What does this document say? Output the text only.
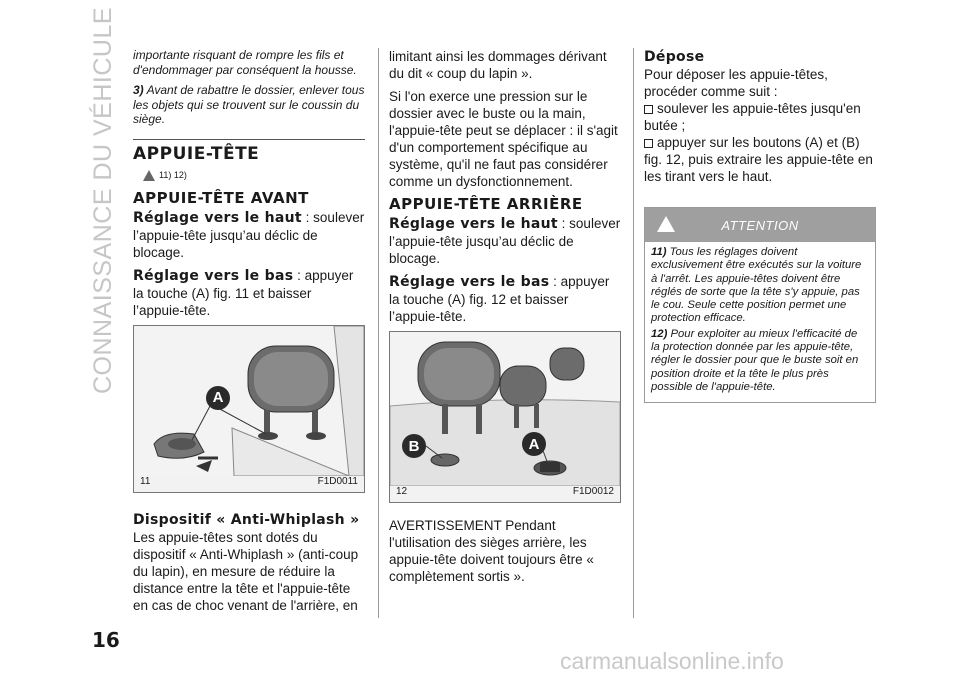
CONNAISSANCE DU VÉHICULE importante risquant de rompre les fils et d'endommager par conséquent la housse.

3) Avant de rabattre le dossier, enlever tous les objets qui se trouvent sur le coussin du siège.

APPUIE-TÊTE
11) 12)
APPUIE-TÊTE AVANT

Réglage vers le haut : soulever l’appuie-tête jusqu’au déclic de blocage.

Réglage vers le bas : appuyer la touche (A) fig. 11 et baisser l’appuie-tête.

A
11	F1D0011

Dispositif « Anti-Whiplash »

Les appuie-têtes sont dotés du dispositif « Anti-Whiplash » (anti-coup du lapin), en mesure de réduire la distance entre la tête et l'appuie-tête en cas de choc venant de l'arrière, en

limitant ainsi les dommages dérivant du dit « coup du lapin ».

Si l'on exerce une pression sur le dossier avec le buste ou la main, l'appuie-tête peut se déplacer : il s'agit d'un comportement spécifique au système, qu'il ne faut pas considérer comme un dysfonctionnement.

APPUIE-TÊTE ARRIÈRE

Réglage vers le haut : soulever l’appuie-tête jusqu’au déclic de blocage.

Réglage vers le bas : appuyer la touche (A) fig. 12 et baisser l’appuie-tête.

B	A
12	F1D0012

AVERTISSEMENT Pendant l'utilisation des sièges arrière, les appuie-tête doivent toujours être « complètement sortis ».

Dépose

Pour déposer les appuie-têtes, procéder comme suit :

soulever les appuie-têtes jusqu'en butée ;

appuyer sur les boutons (A) et (B) fig. 12, puis extraire les appuie-tête en les tirant vers le haut.

ATTENTION

11) Tous les réglages doivent exclusivement être exécutés sur la voiture à l'arrêt. Les appuie-têtes doivent être réglés de sorte que la tête s'y appuie, pas le cou. Seule cette position permet une protection efficace.

12) Pour exploiter au mieux l'efficacité de la protection donnée par les appuie-tête, régler le dossier pour que le buste soit en position droite et la tête le plus près possible de l'appuie-tête.

16
carmanualsonline.info
